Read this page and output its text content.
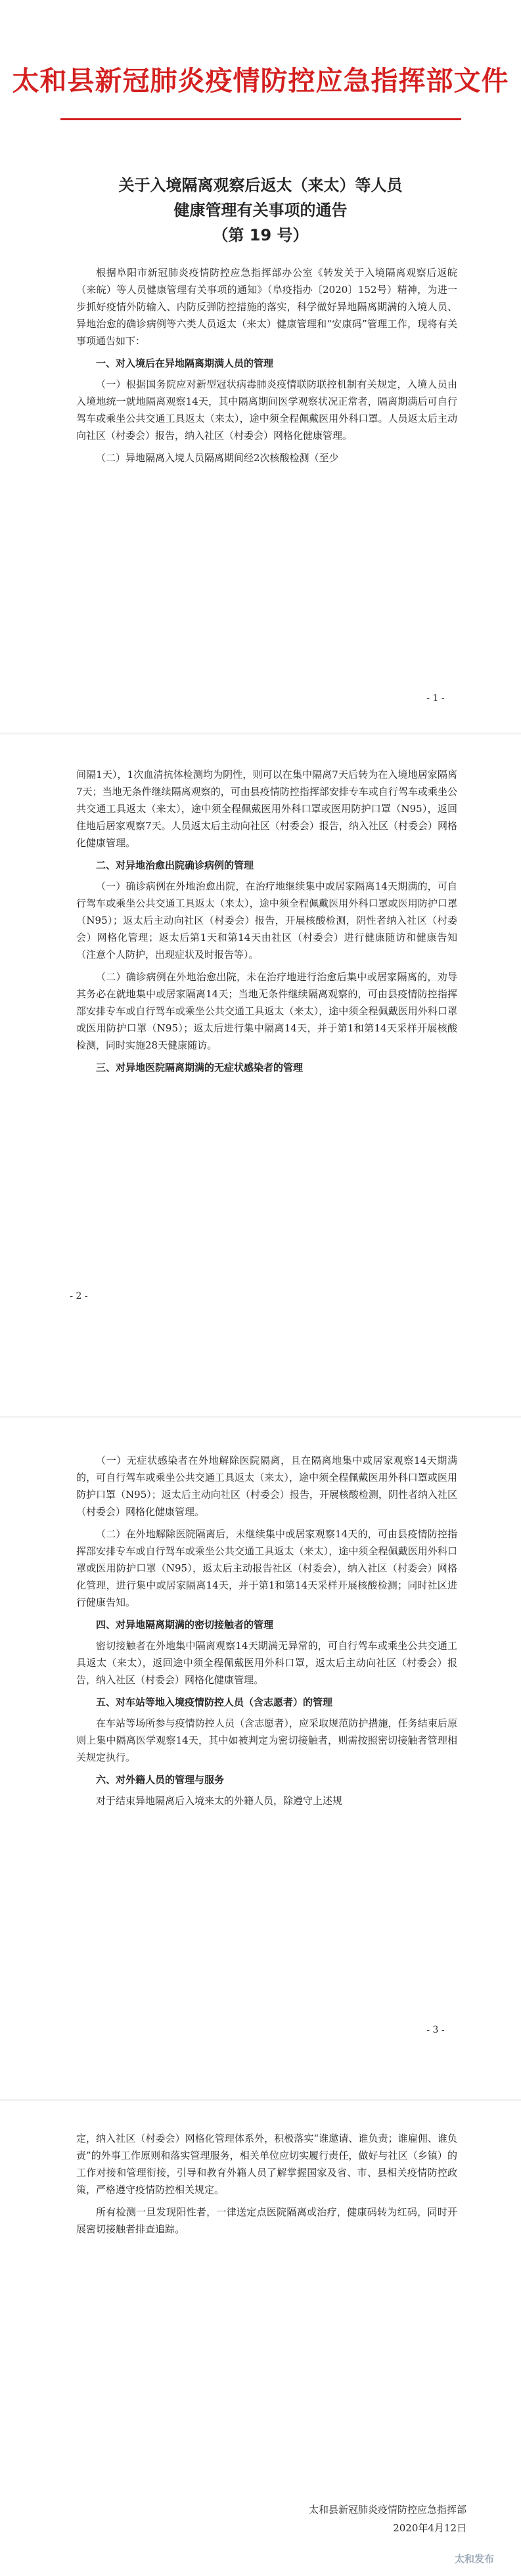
太和县新冠肺炎疫情防控应急指挥部文件
关于入境隔离观察后返太（来太）等人员
健康管理有关事项的通告
（第 19 号）

根据阜阳市新冠肺炎疫情防控应急指挥部办公室《转发关于入境隔离观察后返皖（来皖）等人员健康管理有关事项的通知》（阜疫指办〔2020〕152号）精神，为进一步抓好疫情外防输入、内防反弹防控措施的落实，科学做好异地隔离期满的入境人员、异地治愈的确诊病例等六类人员返太（来太）健康管理和“安康码”管理工作，现将有关事项通告如下：

一、对入境后在异地隔离期满人员的管理

（一）根据国务院应对新型冠状病毒肺炎疫情联防联控机制有关规定，入境人员由入境地统一就地隔离观察14天，其中隔离期间医学观察状况正常者，隔离期满后可自行驾车或乘坐公共交通工具返太（来太），途中须全程佩戴医用外科口罩。人员返太后主动向社区（村委会）报告，纳入社区（村委会）网格化健康管理。

（二）异地隔离入境人员隔离期间经2次核酸检测（至少

- 1 -

间隔1天），1次血清抗体检测均为阴性，则可以在集中隔离7天后转为在入境地居家隔离7天；当地无条件继续隔离观察的，可由县疫情防控指挥部安排专车或自行驾车或乘坐公共交通工具返太（来太），途中须全程佩戴医用外科口罩或医用防护口罩（N95），返回住地后居家观察7天。人员返太后主动向社区（村委会）报告，纳入社区（村委会）网格化健康管理。

二、对异地治愈出院确诊病例的管理

（一）确诊病例在外地治愈出院，在治疗地继续集中或居家隔离14天期满的，可自行驾车或乘坐公共交通工具返太（来太），途中须全程佩戴医用外科口罩或医用防护口罩（N95）；返太后主动向社区（村委会）报告，开展核酸检测，阴性者纳入社区（村委会）网格化管理；返太后第1天和第14天由社区（村委会）进行健康随访和健康告知（注意个人防护，出现症状及时报告等）。

（二）确诊病例在外地治愈出院，未在治疗地进行治愈后集中或居家隔离的，劝导其务必在就地集中或居家隔离14天；当地无条件继续隔离观察的，可由县疫情防控指挥部安排专车或自行驾车或乘坐公共交通工具返太（来太），途中须全程佩戴医用外科口罩或医用防护口罩（N95）；返太后进行集中隔离14天，并于第1和第14天采样开展核酸检测，同时实施28天健康随访。

三、对异地医院隔离期满的无症状感染者的管理

- 2 -

（一）无症状感染者在外地解除医院隔离，且在隔离地集中或居家观察14天期满的，可自行驾车或乘坐公共交通工具返太（来太），途中须全程佩戴医用外科口罩或医用防护口罩（N95）；返太后主动向社区（村委会）报告，开展核酸检测，阴性者纳入社区（村委会）网格化健康管理。

（二）在外地解除医院隔离后，未继续集中或居家观察14天的，可由县疫情防控指挥部安排专车或自行驾车或乘坐公共交通工具返太（来太），途中须全程佩戴医用外科口罩或医用防护口罩（N95），返太后主动报告社区（村委会），纳入社区（村委会）网格化管理，进行集中或居家隔离14天，并于第1和第14天采样开展核酸检测；同时社区进行健康告知。

四、对异地隔离期满的密切接触者的管理

密切接触者在外地集中隔离观察14天期满无异常的，可自行驾车或乘坐公共交通工具返太（来太），返回途中须全程佩戴医用外科口罩，返太后主动向社区（村委会）报告，纳入社区（村委会）网格化健康管理。

五、对车站等地入境疫情防控人员（含志愿者）的管理

在车站等场所参与疫情防控人员（含志愿者），应采取规范防护措施，任务结束后原则上集中隔离医学观察14天，其中如被判定为密切接触者，则需按照密切接触者管理相关规定执行。

六、对外籍人员的管理与服务

对于结束异地隔离后入境来太的外籍人员，除遵守上述规

- 3 -

定，纳入社区（村委会）网格化管理体系外，积极落实“谁邀请、谁负责；谁雇佣、谁负责”的外事工作原则和落实管理服务，相关单位应切实履行责任，做好与社区（乡镇）的工作对接和管理衔接，引导和教育外籍人员了解掌握国家及省、市、县相关疫情防控政策，严格遵守疫情防控相关规定。

所有检测一旦发现阳性者，一律送定点医院隔离或治疗，健康码转为红码，同时开展密切接触者排查追踪。

太和县新冠肺炎疫情防控应急指挥部
2020年4月12日
太和发布
